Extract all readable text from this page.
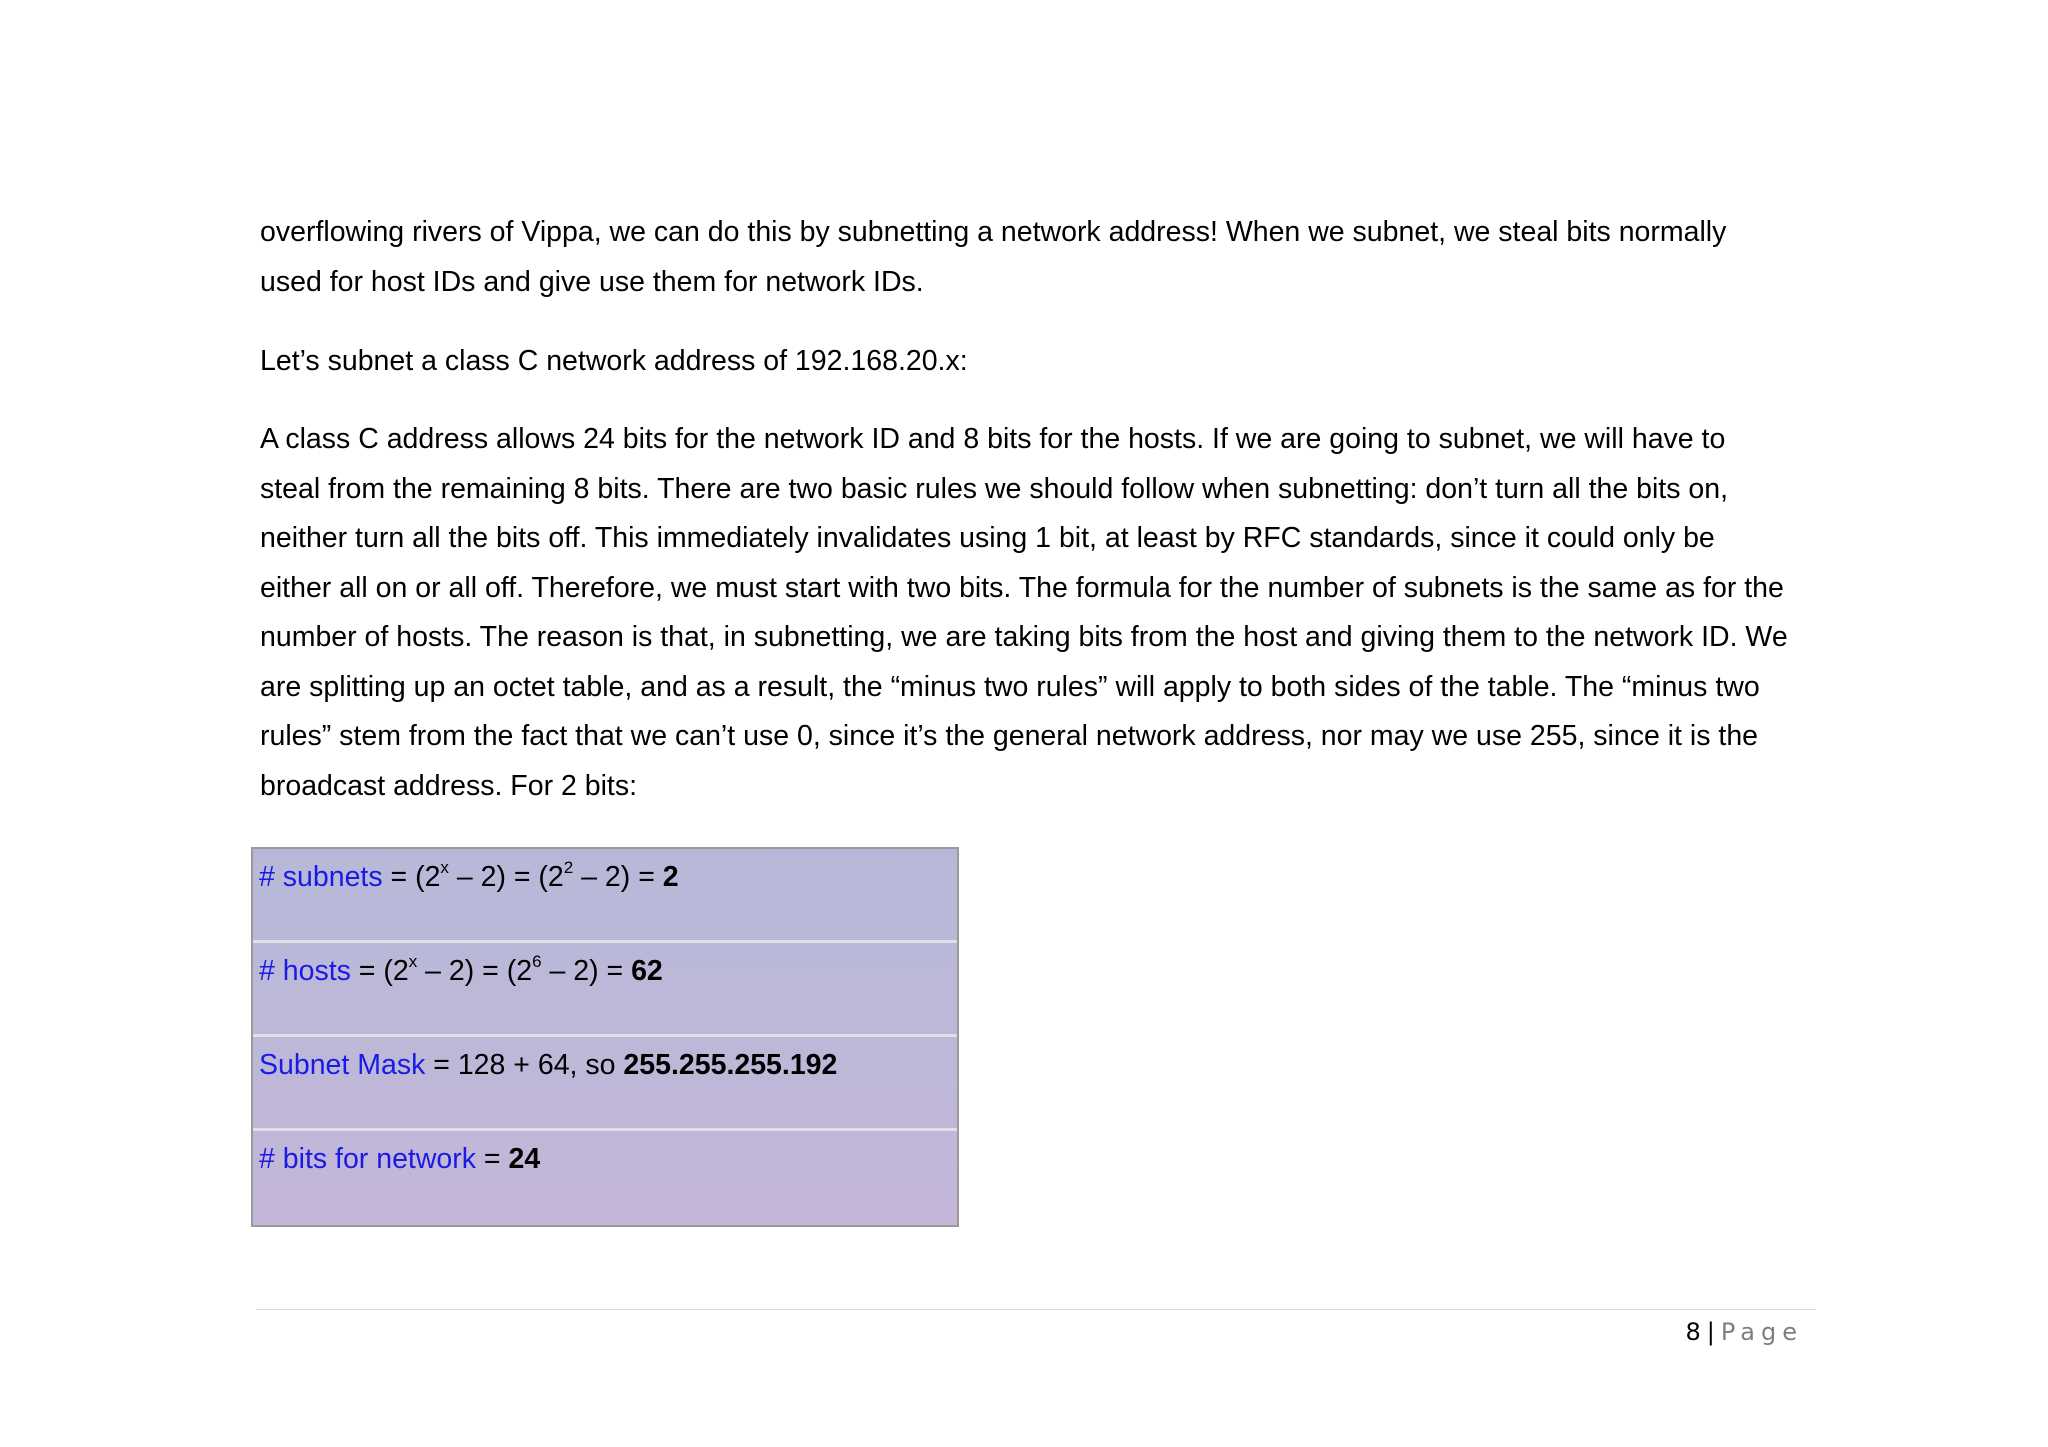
overflowing rivers of Vippa, we can do this by subnetting a network address! When we subnet, we steal bits normally used for host IDs and give use them for network IDs.

Let’s subnet a class C network address of 192.168.20.x:

A class C address allows 24 bits for the network ID and 8 bits for the hosts. If we are going to subnet, we will have to steal from the remaining 8 bits. There are two basic rules we should follow when subnetting: don’t turn all the bits on, neither turn all the bits off. This immediately invalidates using 1 bit, at least by RFC standards, since it could only be either all on or all off. Therefore, we must start with two bits. The formula for the number of subnets is the same as for the number of hosts. The reason is that, in subnetting, we are taking bits from the host and giving them to the network ID. We are splitting up an octet table, and as a result, the “minus two rules” will apply to both sides of the table. The “minus two rules” stem from the fact that we can’t use 0, since it’s the general network address, nor may we use 255, since it is the broadcast address. For 2 bits:

# subnets = $(2^x - 2) = (2^2 - 2) = 2$
# hosts = $(2^x - 2) = (2^6 - 2) = 62$
Subnet Mask = 128 + 64, so 255.255.255.192
# bits for network = 24
8 | Page
